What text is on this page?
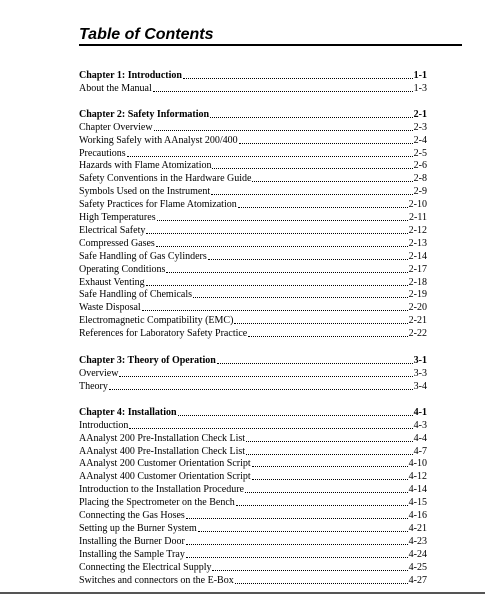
Table of Contents
Chapter 1: Introduction	1-1
About the Manual	1-3
Chapter 2: Safety Information	2-1
Chapter Overview	2-3
Working Safely with AAnalyst 200/400	2-4
Precautions	2-5
Hazards with Flame Atomization	2-6
Safety Conventions in the Hardware Guide	2-8
Symbols Used on the Instrument	2-9
Safety Practices for Flame Atomization	2-10
High Temperatures	2-11
Electrical Safety	2-12
Compressed Gases	2-13
Safe Handling of Gas Cylinders	2-14
Operating Conditions	2-17
Exhaust Venting	2-18
Safe Handling of Chemicals	2-19
Waste Disposal	2-20
Electromagnetic Compatibility (EMC)	2-21
References for Laboratory Safety Practice	2-22
Chapter 3: Theory of Operation	3-1
Overview	3-3
Theory	3-4
Chapter 4: Installation	4-1
Introduction	4-3
AAnalyst 200 Pre-Installation Check List	4-4
AAnalyst 400 Pre-Installation Check List	4-7
AAnalyst 200 Customer Orientation Script	4-10
AAnalyst 400 Customer Orientation Script	4-12
Introduction to the Installation Procedure	4-14
Placing the Spectrometer on the Bench	4-15
Connecting the Gas Hoses	4-16
Setting up the Burner System	4-21
Installing the Burner Door	4-23
Installing the Sample Tray	4-24
Connecting the Electrical Supply	4-25
Switches and connectors on the E-Box	4-27
